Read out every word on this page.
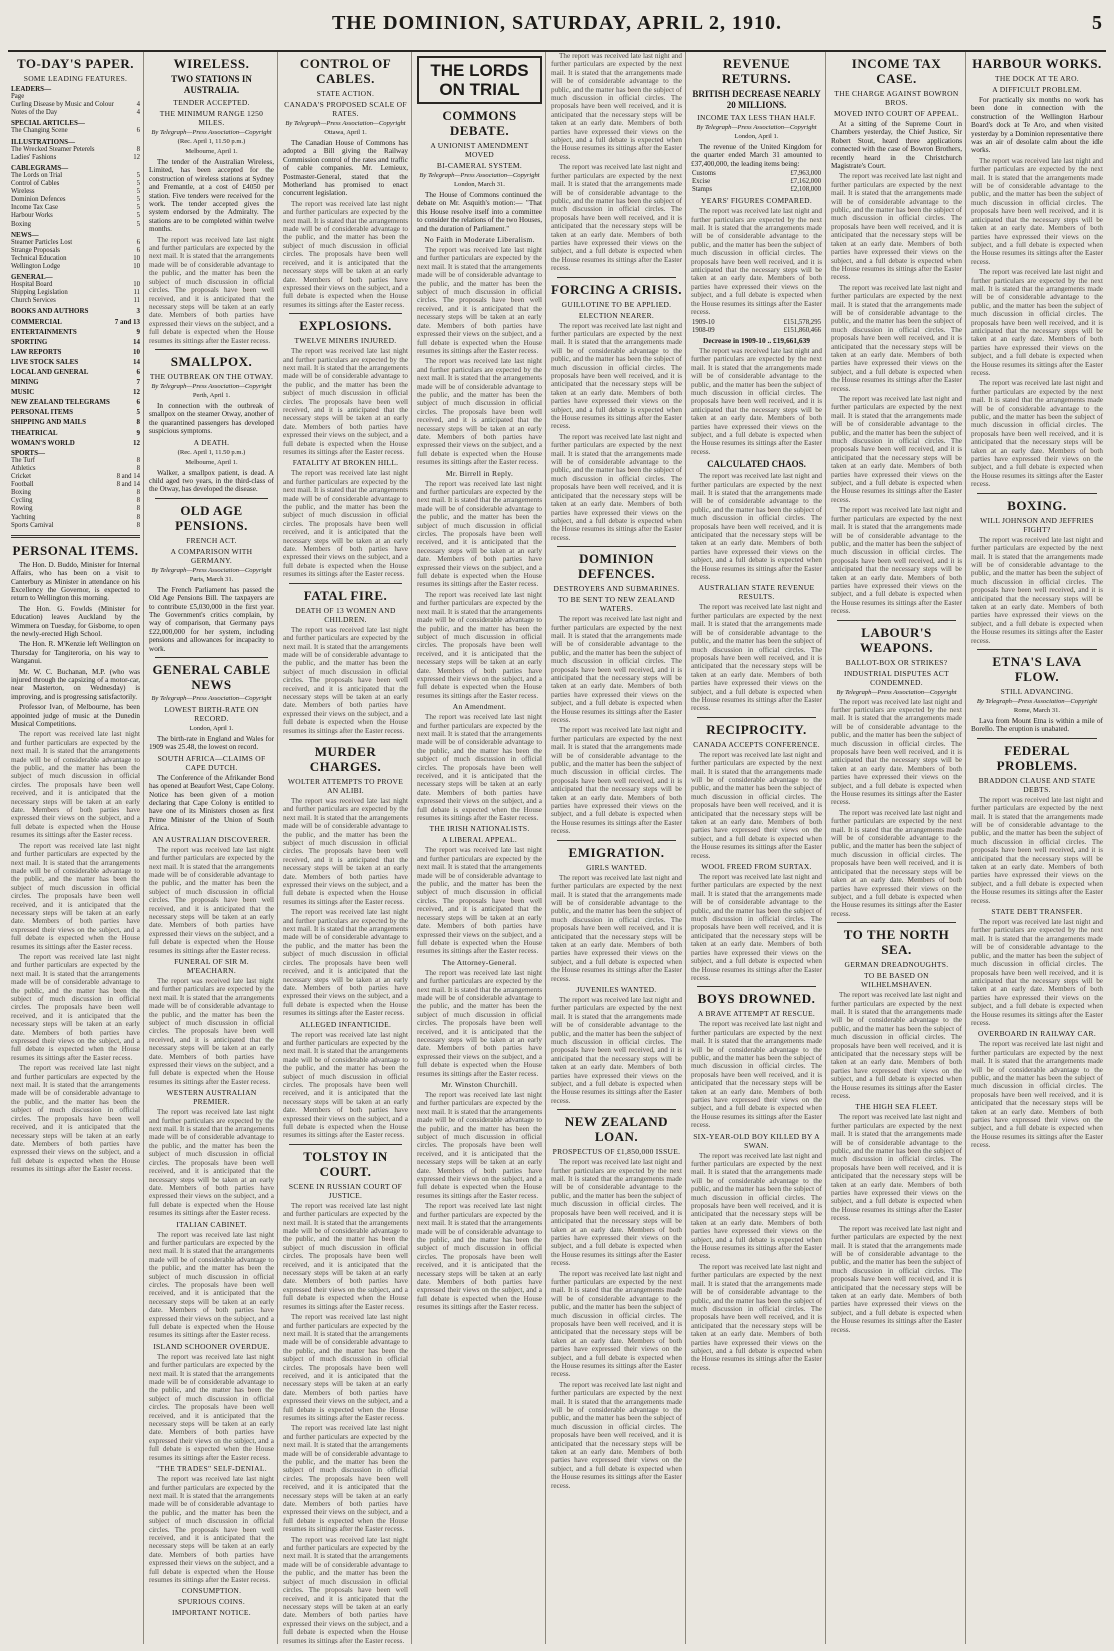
THE DOMINION, SATURDAY, APRIL 2, 1910.	5
TO-DAY'S PAPER.
SOME LEADING FEATURES.
LEADERS—
Page
Curling Disease by Music and Colour	4
Notes of the Day	4
SPECIAL ARTICLES—
The Changing Scene	6
ILLUSTRATIONS—
The Wrecked Steamer Peterels	8
Ladies' Fashions	12
CABLEGRAMS—
The Lords on Trial	5
Control of Cables	5
Wireless	5
Dominion Defences	5
Income Tax Case	5
Harbour Works	5
Boxing	5
NEWS—
Steamer Particles Lost	6
Strange Proposals	6
Technical Education	10
Wellington Lodge	10
GENERAL—
Hospital Board	10
Shipping Legislation	11
Church Services	11
BOOKS AND AUTHORS	3
COMMERCIAL	7 and 13
ENTERTAINMENTS	9
SPORTING	14
LAW REPORTS	10
LIVE STOCK SALES	14
LOCAL AND GENERAL	6
MINING	7
MUSIC	12
NEW ZEALAND TELEGRAMS	6
PERSONAL ITEMS	5
SHIPPING AND MAILS	8
THEATRICAL	9
WOMAN'S WORLD	12
SPORTS—
The Turf	8
Athletics	8
Cricket	8 and 14
Football	8 and 14
Boxing	8
Cycling	8
Rowing	8
Yachting	8
Sports Carnival	8
PERSONAL ITEMS.

The Hon. D. Buddo, Minister for Internal Affairs, who has been on a visit to Canterbury as Minister in attendance on his Excellency the Governor, is expected to return to Wellington this morning.

The Hon. G. Fowlds (Minister for Education) leaves Auckland by the Wimmera on Tuesday, for Gisborne, to open the newly-erected High School.

The Hon. R. M'Kenzie left Wellington on Thursday for Tangiteroria, on his way to Wanganui.

Mr. W. C. Buchanan, M.P. (who was injured through the capsizing of a motor-car, near Masterton, on Wednesday) is improving, and is progressing satisfactorily.

Professor Ivan, of Melbourne, has been appointed judge of music at the Dunedin Musical Competitions.

The report was received late last night and further particulars are expected by the next mail. It is stated that the arrangements made will be of considerable advantage to the public, and the matter has been the subject of much discussion in official circles. The proposals have been well received, and it is anticipated that the necessary steps will be taken at an early date. Members of both parties have expressed their views on the subject, and a full debate is expected when the House resumes its sittings after the Easter recess.

The report was received late last night and further particulars are expected by the next mail. It is stated that the arrangements made will be of considerable advantage to the public, and the matter has been the subject of much discussion in official circles. The proposals have been well received, and it is anticipated that the necessary steps will be taken at an early date. Members of both parties have expressed their views on the subject, and a full debate is expected when the House resumes its sittings after the Easter recess.

The report was received late last night and further particulars are expected by the next mail. It is stated that the arrangements made will be of considerable advantage to the public, and the matter has been the subject of much discussion in official circles. The proposals have been well received, and it is anticipated that the necessary steps will be taken at an early date. Members of both parties have expressed their views on the subject, and a full debate is expected when the House resumes its sittings after the Easter recess.

The report was received late last night and further particulars are expected by the next mail. It is stated that the arrangements made will be of considerable advantage to the public, and the matter has been the subject of much discussion in official circles. The proposals have been well received, and it is anticipated that the necessary steps will be taken at an early date. Members of both parties have expressed their views on the subject, and a full debate is expected when the House resumes its sittings after the Easter recess.

WIRELESS.
TWO STATIONS IN AUSTRALIA.
TENDER ACCEPTED.
THE MINIMUM RANGE 1250 MILES.
By Telegraph—Press Association—Copyright
(Rec. April 1, 11.50 p.m.)
Melbourne, April 1.

The tender of the Australian Wireless, Limited, has been accepted for the construction of wireless stations at Sydney and Fremantle, at a cost of £4050 per station. Five tenders were received for the work. The tender accepted gives the system endorsed by the Admiralty. The stations are to be completed within twelve months.

The report was received late last night and further particulars are expected by the next mail. It is stated that the arrangements made will be of considerable advantage to the public, and the matter has been the subject of much discussion in official circles. The proposals have been well received, and it is anticipated that the necessary steps will be taken at an early date. Members of both parties have expressed their views on the subject, and a full debate is expected when the House resumes its sittings after the Easter recess.

SMALLPOX.
THE OUTBREAK ON THE OTWAY.
By Telegraph—Press Association—Copyright
Perth, April 1.

In connection with the outbreak of smallpox on the steamer Otway, another of the quarantined passengers has developed suspicious symptoms.

A DEATH.
(Rec. April 1, 11.50 p.m.)
Melbourne, April 1.

Walker, a smallpox patient, is dead. A child aged two years, in the third-class of the Otway, has developed the disease.

OLD AGE PENSIONS.
FRENCH ACT.
A COMPARISON WITH GERMANY.
By Telegraph—Press Association—Copyright
Paris, March 31.

The French Parliament has passed the Old Age Pensions Bill. The taxpayers are to contribute £5,030,000 in the first year. The Government's critics complain, by way of comparison, that Germany pays £22,000,000 for her system, including pensions and allowances for incapacity to work.

GENERAL CABLE NEWS
By Telegraph—Press Association—Copyright
LOWEST BIRTH-RATE ON RECORD.
London, April 1.

The birth-rate in England and Wales for 1909 was 25.48, the lowest on record.

SOUTH AFRICA—CLAIMS OF CAPE DUTCH.

The Conference of the Afrikander Bond has opened at Beaufort West, Cape Colony. Notice has been given of a motion declaring that Cape Colony is entitled to have one of its Ministers chosen as first Prime Minister of the Union of South Africa.

AN AUSTRALIAN DISCOVERER.

The report was received late last night and further particulars are expected by the next mail. It is stated that the arrangements made will be of considerable advantage to the public, and the matter has been the subject of much discussion in official circles. The proposals have been well received, and it is anticipated that the necessary steps will be taken at an early date. Members of both parties have expressed their views on the subject, and a full debate is expected when the House resumes its sittings after the Easter recess.

FUNERAL OF SIR M. M'EACHARN.

The report was received late last night and further particulars are expected by the next mail. It is stated that the arrangements made will be of considerable advantage to the public, and the matter has been the subject of much discussion in official circles. The proposals have been well received, and it is anticipated that the necessary steps will be taken at an early date. Members of both parties have expressed their views on the subject, and a full debate is expected when the House resumes its sittings after the Easter recess.

WESTERN AUSTRALIAN PREMIER.

The report was received late last night and further particulars are expected by the next mail. It is stated that the arrangements made will be of considerable advantage to the public, and the matter has been the subject of much discussion in official circles. The proposals have been well received, and it is anticipated that the necessary steps will be taken at an early date. Members of both parties have expressed their views on the subject, and a full debate is expected when the House resumes its sittings after the Easter recess.

ITALIAN CABINET.

The report was received late last night and further particulars are expected by the next mail. It is stated that the arrangements made will be of considerable advantage to the public, and the matter has been the subject of much discussion in official circles. The proposals have been well received, and it is anticipated that the necessary steps will be taken at an early date. Members of both parties have expressed their views on the subject, and a full debate is expected when the House resumes its sittings after the Easter recess.

ISLAND SCHOONER OVERDUE.

The report was received late last night and further particulars are expected by the next mail. It is stated that the arrangements made will be of considerable advantage to the public, and the matter has been the subject of much discussion in official circles. The proposals have been well received, and it is anticipated that the necessary steps will be taken at an early date. Members of both parties have expressed their views on the subject, and a full debate is expected when the House resumes its sittings after the Easter recess.

"THE TRADES" SELF-DENIAL.

The report was received late last night and further particulars are expected by the next mail. It is stated that the arrangements made will be of considerable advantage to the public, and the matter has been the subject of much discussion in official circles. The proposals have been well received, and it is anticipated that the necessary steps will be taken at an early date. Members of both parties have expressed their views on the subject, and a full debate is expected when the House resumes its sittings after the Easter recess.

CONSUMPTION.
SPURIOUS COINS.
IMPORTANT NOTICE.
CONTROL OF CABLES.
STATE ACTION.
CANADA'S PROPOSED SCALE OF RATES.
By Telegraph—Press Association—Copyright
Ottawa, April 1.

The Canadian House of Commons has adopted a Bill giving the Railway Commission control of the rates and traffic of cable companies. Mr. Lemieux, Postmaster-General, stated that the Motherland has promised to enact concurrent legislation.

The report was received late last night and further particulars are expected by the next mail. It is stated that the arrangements made will be of considerable advantage to the public, and the matter has been the subject of much discussion in official circles. The proposals have been well received, and it is anticipated that the necessary steps will be taken at an early date. Members of both parties have expressed their views on the subject, and a full debate is expected when the House resumes its sittings after the Easter recess.

EXPLOSIONS.
TWELVE MINERS INJURED.

The report was received late last night and further particulars are expected by the next mail. It is stated that the arrangements made will be of considerable advantage to the public, and the matter has been the subject of much discussion in official circles. The proposals have been well received, and it is anticipated that the necessary steps will be taken at an early date. Members of both parties have expressed their views on the subject, and a full debate is expected when the House resumes its sittings after the Easter recess.

FATALITY AT BROKEN HILL.

The report was received late last night and further particulars are expected by the next mail. It is stated that the arrangements made will be of considerable advantage to the public, and the matter has been the subject of much discussion in official circles. The proposals have been well received, and it is anticipated that the necessary steps will be taken at an early date. Members of both parties have expressed their views on the subject, and a full debate is expected when the House resumes its sittings after the Easter recess.

FATAL FIRE.
DEATH OF 13 WOMEN AND CHILDREN.

The report was received late last night and further particulars are expected by the next mail. It is stated that the arrangements made will be of considerable advantage to the public, and the matter has been the subject of much discussion in official circles. The proposals have been well received, and it is anticipated that the necessary steps will be taken at an early date. Members of both parties have expressed their views on the subject, and a full debate is expected when the House resumes its sittings after the Easter recess.

MURDER CHARGES.
WOLTER ATTEMPTS TO PROVE AN ALIBI.

The report was received late last night and further particulars are expected by the next mail. It is stated that the arrangements made will be of considerable advantage to the public, and the matter has been the subject of much discussion in official circles. The proposals have been well received, and it is anticipated that the necessary steps will be taken at an early date. Members of both parties have expressed their views on the subject, and a full debate is expected when the House resumes its sittings after the Easter recess.

The report was received late last night and further particulars are expected by the next mail. It is stated that the arrangements made will be of considerable advantage to the public, and the matter has been the subject of much discussion in official circles. The proposals have been well received, and it is anticipated that the necessary steps will be taken at an early date. Members of both parties have expressed their views on the subject, and a full debate is expected when the House resumes its sittings after the Easter recess.

ALLEGED INFANTICIDE.

The report was received late last night and further particulars are expected by the next mail. It is stated that the arrangements made will be of considerable advantage to the public, and the matter has been the subject of much discussion in official circles. The proposals have been well received, and it is anticipated that the necessary steps will be taken at an early date. Members of both parties have expressed their views on the subject, and a full debate is expected when the House resumes its sittings after the Easter recess.

TOLSTOY IN COURT.
SCENE IN RUSSIAN COURT OF JUSTICE.

The report was received late last night and further particulars are expected by the next mail. It is stated that the arrangements made will be of considerable advantage to the public, and the matter has been the subject of much discussion in official circles. The proposals have been well received, and it is anticipated that the necessary steps will be taken at an early date. Members of both parties have expressed their views on the subject, and a full debate is expected when the House resumes its sittings after the Easter recess.

The report was received late last night and further particulars are expected by the next mail. It is stated that the arrangements made will be of considerable advantage to the public, and the matter has been the subject of much discussion in official circles. The proposals have been well received, and it is anticipated that the necessary steps will be taken at an early date. Members of both parties have expressed their views on the subject, and a full debate is expected when the House resumes its sittings after the Easter recess.

The report was received late last night and further particulars are expected by the next mail. It is stated that the arrangements made will be of considerable advantage to the public, and the matter has been the subject of much discussion in official circles. The proposals have been well received, and it is anticipated that the necessary steps will be taken at an early date. Members of both parties have expressed their views on the subject, and a full debate is expected when the House resumes its sittings after the Easter recess.

The report was received late last night and further particulars are expected by the next mail. It is stated that the arrangements made will be of considerable advantage to the public, and the matter has been the subject of much discussion in official circles. The proposals have been well received, and it is anticipated that the necessary steps will be taken at an early date. Members of both parties have expressed their views on the subject, and a full debate is expected when the House resumes its sittings after the Easter recess.

THE LORDS ON TRIAL
COMMONS DEBATE.
A UNIONIST AMENDMENT MOVED
BI-CAMERAL SYSTEM.
By Telegraph—Press Association—Copyright
London, March 31.

The House of Commons continued the debate on Mr. Asquith's motion:— "That this House resolve itself into a committee to consider the relations of the two Houses, and the duration of Parliament."

No Faith in Moderate Liberalism.

The report was received late last night and further particulars are expected by the next mail. It is stated that the arrangements made will be of considerable advantage to the public, and the matter has been the subject of much discussion in official circles. The proposals have been well received, and it is anticipated that the necessary steps will be taken at an early date. Members of both parties have expressed their views on the subject, and a full debate is expected when the House resumes its sittings after the Easter recess.

The report was received late last night and further particulars are expected by the next mail. It is stated that the arrangements made will be of considerable advantage to the public, and the matter has been the subject of much discussion in official circles. The proposals have been well received, and it is anticipated that the necessary steps will be taken at an early date. Members of both parties have expressed their views on the subject, and a full debate is expected when the House resumes its sittings after the Easter recess.

Mr. Birrell in Reply.

The report was received late last night and further particulars are expected by the next mail. It is stated that the arrangements made will be of considerable advantage to the public, and the matter has been the subject of much discussion in official circles. The proposals have been well received, and it is anticipated that the necessary steps will be taken at an early date. Members of both parties have expressed their views on the subject, and a full debate is expected when the House resumes its sittings after the Easter recess.

The report was received late last night and further particulars are expected by the next mail. It is stated that the arrangements made will be of considerable advantage to the public, and the matter has been the subject of much discussion in official circles. The proposals have been well received, and it is anticipated that the necessary steps will be taken at an early date. Members of both parties have expressed their views on the subject, and a full debate is expected when the House resumes its sittings after the Easter recess.

An Amendment.

The report was received late last night and further particulars are expected by the next mail. It is stated that the arrangements made will be of considerable advantage to the public, and the matter has been the subject of much discussion in official circles. The proposals have been well received, and it is anticipated that the necessary steps will be taken at an early date. Members of both parties have expressed their views on the subject, and a full debate is expected when the House resumes its sittings after the Easter recess.

THE IRISH NATIONALISTS.
A LIBERAL APPEAL.

The report was received late last night and further particulars are expected by the next mail. It is stated that the arrangements made will be of considerable advantage to the public, and the matter has been the subject of much discussion in official circles. The proposals have been well received, and it is anticipated that the necessary steps will be taken at an early date. Members of both parties have expressed their views on the subject, and a full debate is expected when the House resumes its sittings after the Easter recess.

The Attorney-General.

The report was received late last night and further particulars are expected by the next mail. It is stated that the arrangements made will be of considerable advantage to the public, and the matter has been the subject of much discussion in official circles. The proposals have been well received, and it is anticipated that the necessary steps will be taken at an early date. Members of both parties have expressed their views on the subject, and a full debate is expected when the House resumes its sittings after the Easter recess.

Mr. Winston Churchill.

The report was received late last night and further particulars are expected by the next mail. It is stated that the arrangements made will be of considerable advantage to the public, and the matter has been the subject of much discussion in official circles. The proposals have been well received, and it is anticipated that the necessary steps will be taken at an early date. Members of both parties have expressed their views on the subject, and a full debate is expected when the House resumes its sittings after the Easter recess.

The report was received late last night and further particulars are expected by the next mail. It is stated that the arrangements made will be of considerable advantage to the public, and the matter has been the subject of much discussion in official circles. The proposals have been well received, and it is anticipated that the necessary steps will be taken at an early date. Members of both parties have expressed their views on the subject, and a full debate is expected when the House resumes its sittings after the Easter recess.

The report was received late last night and further particulars are expected by the next mail. It is stated that the arrangements made will be of considerable advantage to the public, and the matter has been the subject of much discussion in official circles. The proposals have been well received, and it is anticipated that the necessary steps will be taken at an early date. Members of both parties have expressed their views on the subject, and a full debate is expected when the House resumes its sittings after the Easter recess.

The report was received late last night and further particulars are expected by the next mail. It is stated that the arrangements made will be of considerable advantage to the public, and the matter has been the subject of much discussion in official circles. The proposals have been well received, and it is anticipated that the necessary steps will be taken at an early date. Members of both parties have expressed their views on the subject, and a full debate is expected when the House resumes its sittings after the Easter recess.

FORCING A CRISIS.
GUILLOTINE TO BE APPLIED.
ELECTION NEARER.

The report was received late last night and further particulars are expected by the next mail. It is stated that the arrangements made will be of considerable advantage to the public, and the matter has been the subject of much discussion in official circles. The proposals have been well received, and it is anticipated that the necessary steps will be taken at an early date. Members of both parties have expressed their views on the subject, and a full debate is expected when the House resumes its sittings after the Easter recess.

The report was received late last night and further particulars are expected by the next mail. It is stated that the arrangements made will be of considerable advantage to the public, and the matter has been the subject of much discussion in official circles. The proposals have been well received, and it is anticipated that the necessary steps will be taken at an early date. Members of both parties have expressed their views on the subject, and a full debate is expected when the House resumes its sittings after the Easter recess.

DOMINION DEFENCES.
DESTROYERS AND SUBMARINES.
TO BE SENT TO NEW ZEALAND WATERS.

The report was received late last night and further particulars are expected by the next mail. It is stated that the arrangements made will be of considerable advantage to the public, and the matter has been the subject of much discussion in official circles. The proposals have been well received, and it is anticipated that the necessary steps will be taken at an early date. Members of both parties have expressed their views on the subject, and a full debate is expected when the House resumes its sittings after the Easter recess.

The report was received late last night and further particulars are expected by the next mail. It is stated that the arrangements made will be of considerable advantage to the public, and the matter has been the subject of much discussion in official circles. The proposals have been well received, and it is anticipated that the necessary steps will be taken at an early date. Members of both parties have expressed their views on the subject, and a full debate is expected when the House resumes its sittings after the Easter recess.

EMIGRATION.
GIRLS WANTED.

The report was received late last night and further particulars are expected by the next mail. It is stated that the arrangements made will be of considerable advantage to the public, and the matter has been the subject of much discussion in official circles. The proposals have been well received, and it is anticipated that the necessary steps will be taken at an early date. Members of both parties have expressed their views on the subject, and a full debate is expected when the House resumes its sittings after the Easter recess.

JUVENILES WANTED.

The report was received late last night and further particulars are expected by the next mail. It is stated that the arrangements made will be of considerable advantage to the public, and the matter has been the subject of much discussion in official circles. The proposals have been well received, and it is anticipated that the necessary steps will be taken at an early date. Members of both parties have expressed their views on the subject, and a full debate is expected when the House resumes its sittings after the Easter recess.

NEW ZEALAND LOAN.
PROSPECTUS OF £1,850,000 ISSUE.

The report was received late last night and further particulars are expected by the next mail. It is stated that the arrangements made will be of considerable advantage to the public, and the matter has been the subject of much discussion in official circles. The proposals have been well received, and it is anticipated that the necessary steps will be taken at an early date. Members of both parties have expressed their views on the subject, and a full debate is expected when the House resumes its sittings after the Easter recess.

The report was received late last night and further particulars are expected by the next mail. It is stated that the arrangements made will be of considerable advantage to the public, and the matter has been the subject of much discussion in official circles. The proposals have been well received, and it is anticipated that the necessary steps will be taken at an early date. Members of both parties have expressed their views on the subject, and a full debate is expected when the House resumes its sittings after the Easter recess.

The report was received late last night and further particulars are expected by the next mail. It is stated that the arrangements made will be of considerable advantage to the public, and the matter has been the subject of much discussion in official circles. The proposals have been well received, and it is anticipated that the necessary steps will be taken at an early date. Members of both parties have expressed their views on the subject, and a full debate is expected when the House resumes its sittings after the Easter recess.

REVENUE RETURNS.
BRITISH DECREASE NEARLY 20 MILLIONS.
INCOME TAX LESS THAN HALF.
By Telegraph—Press Association—Copyright
London, April 1.

The revenue of the United Kingdom for the quarter ended March 31 amounted to £37,400,000, the leading items being:

Customs	£7,963,000
Excise	£7,162,000
Stamps	£2,108,000
YEARS' FIGURES COMPARED.

The report was received late last night and further particulars are expected by the next mail. It is stated that the arrangements made will be of considerable advantage to the public, and the matter has been the subject of much discussion in official circles. The proposals have been well received, and it is anticipated that the necessary steps will be taken at an early date. Members of both parties have expressed their views on the subject, and a full debate is expected when the House resumes its sittings after the Easter recess.

1909-10	£151,578,295
1908-09	£151,860,466
Decrease in 1909-10 .. £19,661,639

The report was received late last night and further particulars are expected by the next mail. It is stated that the arrangements made will be of considerable advantage to the public, and the matter has been the subject of much discussion in official circles. The proposals have been well received, and it is anticipated that the necessary steps will be taken at an early date. Members of both parties have expressed their views on the subject, and a full debate is expected when the House resumes its sittings after the Easter recess.

CALCULATED CHAOS.

The report was received late last night and further particulars are expected by the next mail. It is stated that the arrangements made will be of considerable advantage to the public, and the matter has been the subject of much discussion in official circles. The proposals have been well received, and it is anticipated that the necessary steps will be taken at an early date. Members of both parties have expressed their views on the subject, and a full debate is expected when the House resumes its sittings after the Easter recess.

AUSTRALIAN STATE REVENUE RESULTS.

The report was received late last night and further particulars are expected by the next mail. It is stated that the arrangements made will be of considerable advantage to the public, and the matter has been the subject of much discussion in official circles. The proposals have been well received, and it is anticipated that the necessary steps will be taken at an early date. Members of both parties have expressed their views on the subject, and a full debate is expected when the House resumes its sittings after the Easter recess.

RECIPROCITY.
CANADA ACCEPTS CONFERENCE.

The report was received late last night and further particulars are expected by the next mail. It is stated that the arrangements made will be of considerable advantage to the public, and the matter has been the subject of much discussion in official circles. The proposals have been well received, and it is anticipated that the necessary steps will be taken at an early date. Members of both parties have expressed their views on the subject, and a full debate is expected when the House resumes its sittings after the Easter recess.

WOOL FREED FROM SURTAX.

The report was received late last night and further particulars are expected by the next mail. It is stated that the arrangements made will be of considerable advantage to the public, and the matter has been the subject of much discussion in official circles. The proposals have been well received, and it is anticipated that the necessary steps will be taken at an early date. Members of both parties have expressed their views on the subject, and a full debate is expected when the House resumes its sittings after the Easter recess.

BOYS DROWNED.
A BRAVE ATTEMPT AT RESCUE.

The report was received late last night and further particulars are expected by the next mail. It is stated that the arrangements made will be of considerable advantage to the public, and the matter has been the subject of much discussion in official circles. The proposals have been well received, and it is anticipated that the necessary steps will be taken at an early date. Members of both parties have expressed their views on the subject, and a full debate is expected when the House resumes its sittings after the Easter recess.

SIX-YEAR-OLD BOY KILLED BY A SWAN.

The report was received late last night and further particulars are expected by the next mail. It is stated that the arrangements made will be of considerable advantage to the public, and the matter has been the subject of much discussion in official circles. The proposals have been well received, and it is anticipated that the necessary steps will be taken at an early date. Members of both parties have expressed their views on the subject, and a full debate is expected when the House resumes its sittings after the Easter recess.

The report was received late last night and further particulars are expected by the next mail. It is stated that the arrangements made will be of considerable advantage to the public, and the matter has been the subject of much discussion in official circles. The proposals have been well received, and it is anticipated that the necessary steps will be taken at an early date. Members of both parties have expressed their views on the subject, and a full debate is expected when the House resumes its sittings after the Easter recess.

INCOME TAX CASE.
THE CHARGE AGAINST BOWRON BROS.
MOVED INTO COURT OF APPEAL.

At a sitting of the Supreme Court in Chambers yesterday, the Chief Justice, Sir Robert Stout, heard three applications connected with the case of Bowron Brothers, recently heard in the Christchurch Magistrate's Court.

The report was received late last night and further particulars are expected by the next mail. It is stated that the arrangements made will be of considerable advantage to the public, and the matter has been the subject of much discussion in official circles. The proposals have been well received, and it is anticipated that the necessary steps will be taken at an early date. Members of both parties have expressed their views on the subject, and a full debate is expected when the House resumes its sittings after the Easter recess.

The report was received late last night and further particulars are expected by the next mail. It is stated that the arrangements made will be of considerable advantage to the public, and the matter has been the subject of much discussion in official circles. The proposals have been well received, and it is anticipated that the necessary steps will be taken at an early date. Members of both parties have expressed their views on the subject, and a full debate is expected when the House resumes its sittings after the Easter recess.

The report was received late last night and further particulars are expected by the next mail. It is stated that the arrangements made will be of considerable advantage to the public, and the matter has been the subject of much discussion in official circles. The proposals have been well received, and it is anticipated that the necessary steps will be taken at an early date. Members of both parties have expressed their views on the subject, and a full debate is expected when the House resumes its sittings after the Easter recess.

The report was received late last night and further particulars are expected by the next mail. It is stated that the arrangements made will be of considerable advantage to the public, and the matter has been the subject of much discussion in official circles. The proposals have been well received, and it is anticipated that the necessary steps will be taken at an early date. Members of both parties have expressed their views on the subject, and a full debate is expected when the House resumes its sittings after the Easter recess.

LABOUR'S WEAPONS.
BALLOT-BOX OR STRIKES?
INDUSTRIAL DISPUTES ACT CONDEMNED.
By Telegraph—Press Association—Copyright

The report was received late last night and further particulars are expected by the next mail. It is stated that the arrangements made will be of considerable advantage to the public, and the matter has been the subject of much discussion in official circles. The proposals have been well received, and it is anticipated that the necessary steps will be taken at an early date. Members of both parties have expressed their views on the subject, and a full debate is expected when the House resumes its sittings after the Easter recess.

The report was received late last night and further particulars are expected by the next mail. It is stated that the arrangements made will be of considerable advantage to the public, and the matter has been the subject of much discussion in official circles. The proposals have been well received, and it is anticipated that the necessary steps will be taken at an early date. Members of both parties have expressed their views on the subject, and a full debate is expected when the House resumes its sittings after the Easter recess.

TO THE NORTH SEA.
GERMAN DREADNOUGHTS.
TO BE BASED ON WILHELMSHAVEN.

The report was received late last night and further particulars are expected by the next mail. It is stated that the arrangements made will be of considerable advantage to the public, and the matter has been the subject of much discussion in official circles. The proposals have been well received, and it is anticipated that the necessary steps will be taken at an early date. Members of both parties have expressed their views on the subject, and a full debate is expected when the House resumes its sittings after the Easter recess.

THE HIGH SEA FLEET.

The report was received late last night and further particulars are expected by the next mail. It is stated that the arrangements made will be of considerable advantage to the public, and the matter has been the subject of much discussion in official circles. The proposals have been well received, and it is anticipated that the necessary steps will be taken at an early date. Members of both parties have expressed their views on the subject, and a full debate is expected when the House resumes its sittings after the Easter recess.

The report was received late last night and further particulars are expected by the next mail. It is stated that the arrangements made will be of considerable advantage to the public, and the matter has been the subject of much discussion in official circles. The proposals have been well received, and it is anticipated that the necessary steps will be taken at an early date. Members of both parties have expressed their views on the subject, and a full debate is expected when the House resumes its sittings after the Easter recess.

HARBOUR WORKS.
THE DOCK AT TE ARO.
A DIFFICULT PROBLEM.

For practically six months no work has been done in connection with the construction of the Wellington Harbour Board's dock at Te Aro, and when visited yesterday by a Dominion representative there was an air of desolate calm about the idle works.

The report was received late last night and further particulars are expected by the next mail. It is stated that the arrangements made will be of considerable advantage to the public, and the matter has been the subject of much discussion in official circles. The proposals have been well received, and it is anticipated that the necessary steps will be taken at an early date. Members of both parties have expressed their views on the subject, and a full debate is expected when the House resumes its sittings after the Easter recess.

The report was received late last night and further particulars are expected by the next mail. It is stated that the arrangements made will be of considerable advantage to the public, and the matter has been the subject of much discussion in official circles. The proposals have been well received, and it is anticipated that the necessary steps will be taken at an early date. Members of both parties have expressed their views on the subject, and a full debate is expected when the House resumes its sittings after the Easter recess.

The report was received late last night and further particulars are expected by the next mail. It is stated that the arrangements made will be of considerable advantage to the public, and the matter has been the subject of much discussion in official circles. The proposals have been well received, and it is anticipated that the necessary steps will be taken at an early date. Members of both parties have expressed their views on the subject, and a full debate is expected when the House resumes its sittings after the Easter recess.

BOXING.
WILL JOHNSON AND JEFFRIES FIGHT?

The report was received late last night and further particulars are expected by the next mail. It is stated that the arrangements made will be of considerable advantage to the public, and the matter has been the subject of much discussion in official circles. The proposals have been well received, and it is anticipated that the necessary steps will be taken at an early date. Members of both parties have expressed their views on the subject, and a full debate is expected when the House resumes its sittings after the Easter recess.

ETNA'S LAVA FLOW.
STILL ADVANCING.
By Telegraph—Press Association—Copyright
Rome, March 31.

Lava from Mount Etna is within a mile of Borello. The eruption is unabated.

FEDERAL PROBLEMS.
BRADDON CLAUSE AND STATE DEBTS.

The report was received late last night and further particulars are expected by the next mail. It is stated that the arrangements made will be of considerable advantage to the public, and the matter has been the subject of much discussion in official circles. The proposals have been well received, and it is anticipated that the necessary steps will be taken at an early date. Members of both parties have expressed their views on the subject, and a full debate is expected when the House resumes its sittings after the Easter recess.

STATE DEBT TRANSFER.

The report was received late last night and further particulars are expected by the next mail. It is stated that the arrangements made will be of considerable advantage to the public, and the matter has been the subject of much discussion in official circles. The proposals have been well received, and it is anticipated that the necessary steps will be taken at an early date. Members of both parties have expressed their views on the subject, and a full debate is expected when the House resumes its sittings after the Easter recess.

OVERBOARD IN RAILWAY CAR.

The report was received late last night and further particulars are expected by the next mail. It is stated that the arrangements made will be of considerable advantage to the public, and the matter has been the subject of much discussion in official circles. The proposals have been well received, and it is anticipated that the necessary steps will be taken at an early date. Members of both parties have expressed their views on the subject, and a full debate is expected when the House resumes its sittings after the Easter recess.
